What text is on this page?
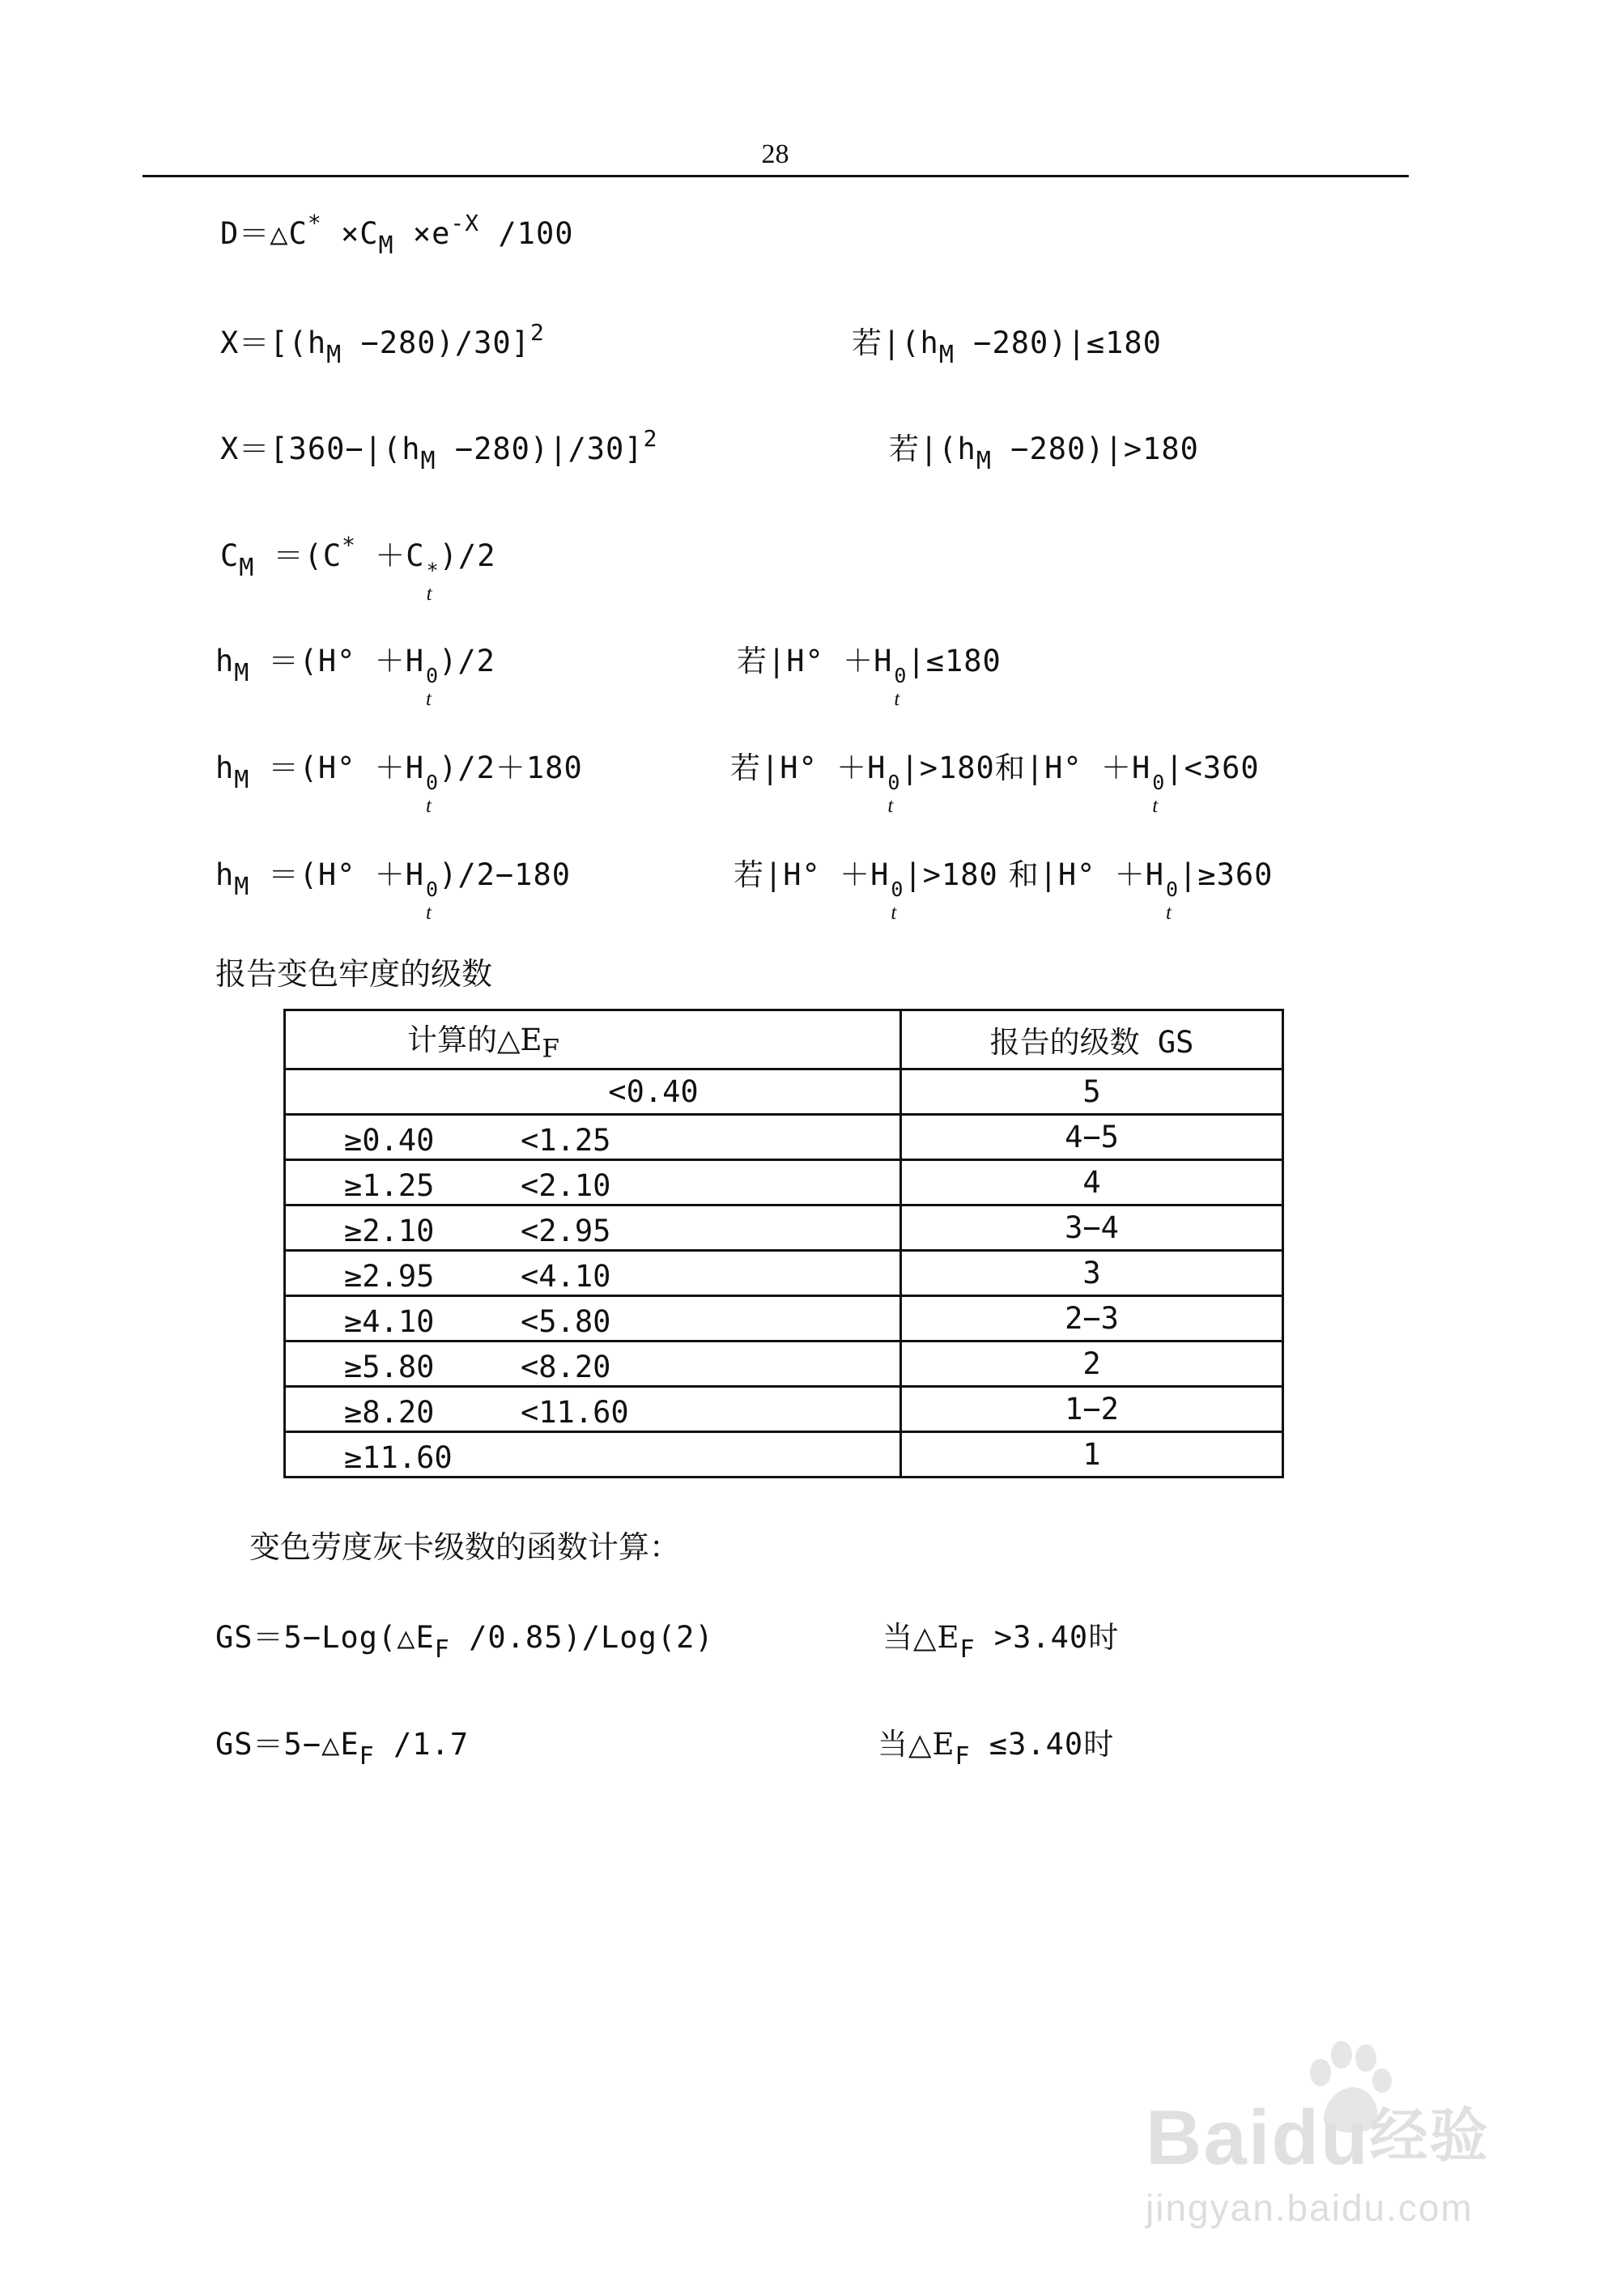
28
D＝△C* $\times C_M \times e^{-X}$ /100
$X=[(h_M -280)/30]^2$	若$|(h_M -280)|\le 180$
$X=[360-|(h_M -280)|/30]^2$	若$|(h_M -280)|>180$
$C_M =(C^* +C$ *
t
)/2
$h_M =(H^\circ +H$ 0
t
)/2	若|H° ＋H 0
t
|≤180
$h_M =(H^\circ +H$ 0
t
)/2＋180	若|H° ＋H 0
t
|>180和|H° ＋H 0
t
|<360
$h_M =(H^\circ +H$ 0
t
)/2−180	若|H° ＋H 0
t
|>180 和|H° ＋H 0
t
|≥360
报告变色牢度的级数
计算的$\triangle E_F$	报告的级数 GS

<0.40	5

≥0.40 <1.25	4−5

≥1.25 <2.10	4

≥2.10 <2.95	3−4

≥2.95 <4.10	3

≥4.10 <5.80	2−3

≥5.80 <8.20	2

≥8.20 <11.60	1−2

≥11.60	1
变色劳度灰卡级数的函数计算：
$GS=5-Log(\triangle E_F$ /0.85)/Log(2)	当$\triangle E_F >3.40$时
$GS=5-\triangle E_F$ /1.7	当$\triangle E_F \le 3.40$时
Baidu经验
jingyan.baidu.com
